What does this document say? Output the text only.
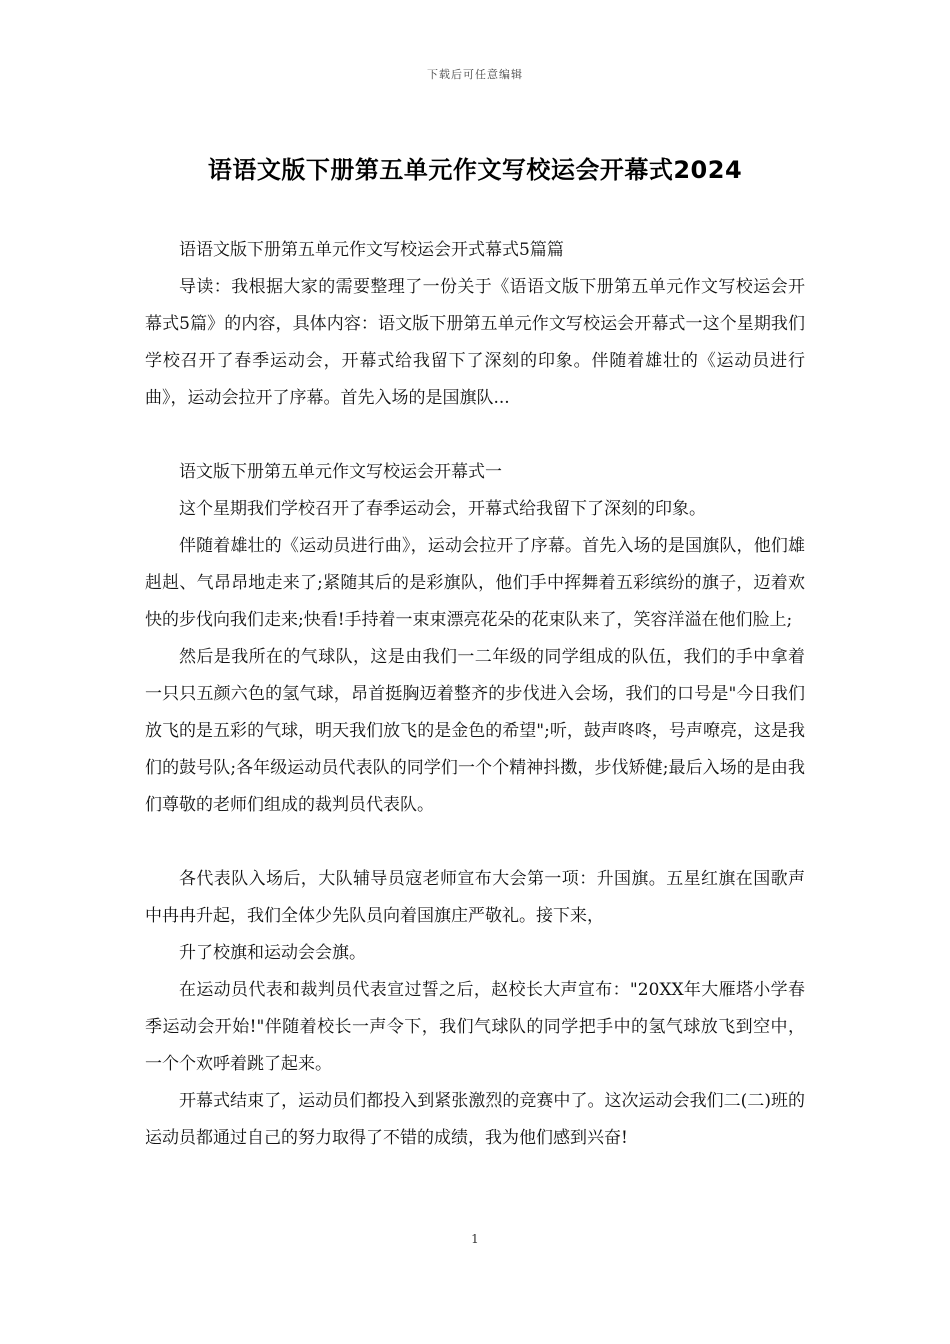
下载后可任意编辑
语语文版下册第五单元作文写校运会开幕式2024

语语文版下册第五单元作文写校运会开式幕式5篇篇

导读：我根据大家的需要整理了一份关于《语语文版下册第五单元作文写校运会开幕式5篇》的内容，具体内容：语文版下册第五单元作文写校运会开幕式一这个星期我们学校召开了春季运动会，开幕式给我留下了深刻的印象。伴随着雄壮的《运动员进行曲》，运动会拉开了序幕。首先入场的是国旗队...

语文版下册第五单元作文写校运会开幕式一

这个星期我们学校召开了春季运动会，开幕式给我留下了深刻的印象。

伴随着雄壮的《运动员进行曲》，运动会拉开了序幕。首先入场的是国旗队，他们雄赳赳、气昂昂地走来了;紧随其后的是彩旗队，他们手中挥舞着五彩缤纷的旗子，迈着欢快的步伐向我们走来;快看!手持着一束束漂亮花朵的花束队来了，笑容洋溢在他们脸上;

然后是我所在的气球队，这是由我们一二年级的同学组成的队伍，我们的手中拿着一只只五颜六色的氢气球，昂首挺胸迈着整齐的步伐进入会场，我们的口号是"今日我们放飞的是五彩的气球，明天我们放飞的是金色的希望";听，鼓声咚咚，号声嘹亮，这是我们的鼓号队;各年级运动员代表队的同学们一个个精神抖擞，步伐矫健;最后入场的是由我们尊敬的老师们组成的裁判员代表队。

各代表队入场后，大队辅导员寇老师宣布大会第一项：升国旗。五星红旗在国歌声中冉冉升起，我们全体少先队员向着国旗庄严敬礼。接下来，

升了校旗和运动会会旗。

在运动员代表和裁判员代表宣过誓之后，赵校长大声宣布："20XX年大雁塔小学春季运动会开始!"伴随着校长一声令下，我们气球队的同学把手中的氢气球放飞到空中，一个个欢呼着跳了起来。

开幕式结束了，运动员们都投入到紧张激烈的竞赛中了。这次运动会我们二(二)班的运动员都通过自己的努力取得了不错的成绩，我为他们感到兴奋!

1
